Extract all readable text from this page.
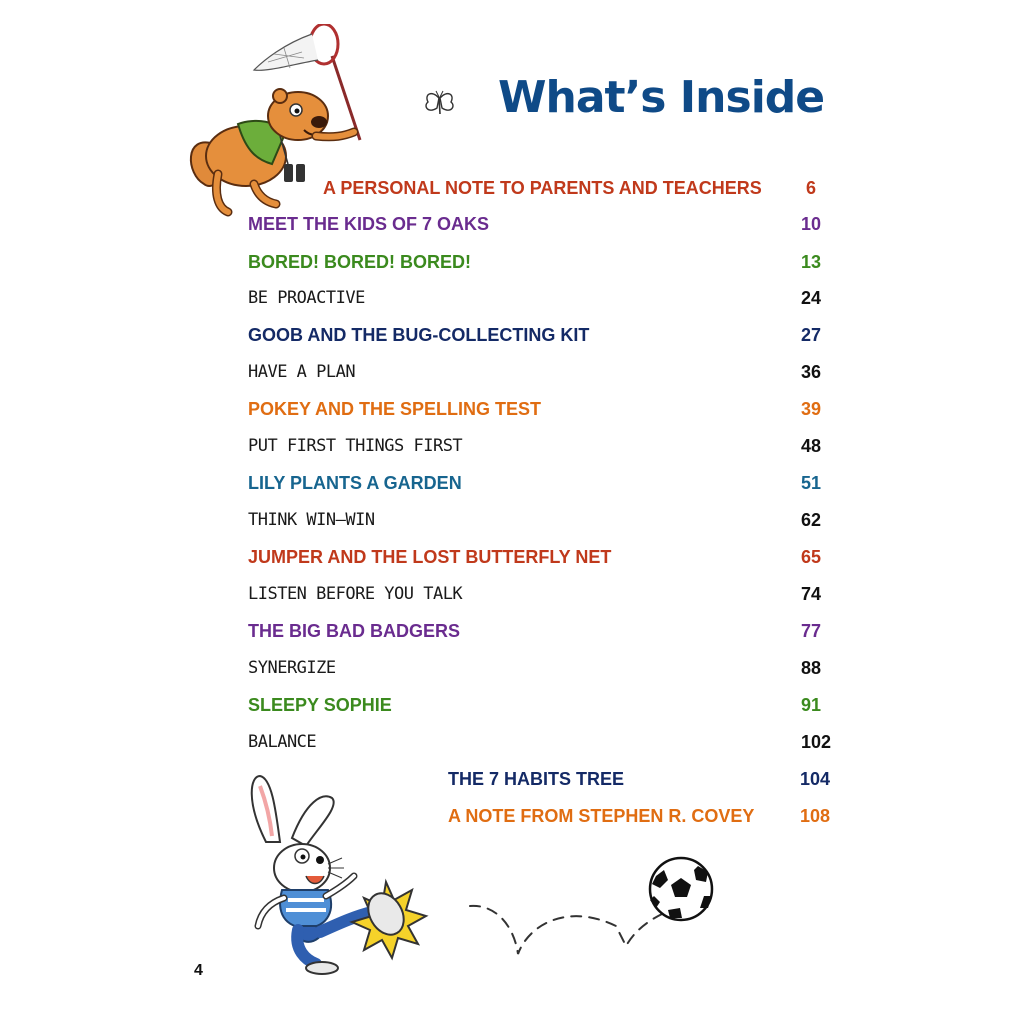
What’s Inside
A PERSONAL NOTE TO PARENTS AND TEACHERS 6
MEET THE KIDS OF 7 OAKS	10
BORED! BORED! BORED!	13
BE PROACTIVE	24
GOOB AND THE BUG-COLLECTING KIT	27
HAVE A PLAN	36
POKEY AND THE SPELLING TEST	39
PUT FIRST THINGS FIRST	48
LILY PLANTS A GARDEN	51
THINK WIN—WIN	62
JUMPER AND THE LOST BUTTERFLY NET	65
LISTEN BEFORE YOU TALK	74
THE BIG BAD BADGERS	77
SYNERGIZE	88
SLEEPY SOPHIE	91
BALANCE	102
THE 7 HABITS TREE	104
A NOTE FROM STEPHEN R. COVEY	108
4
